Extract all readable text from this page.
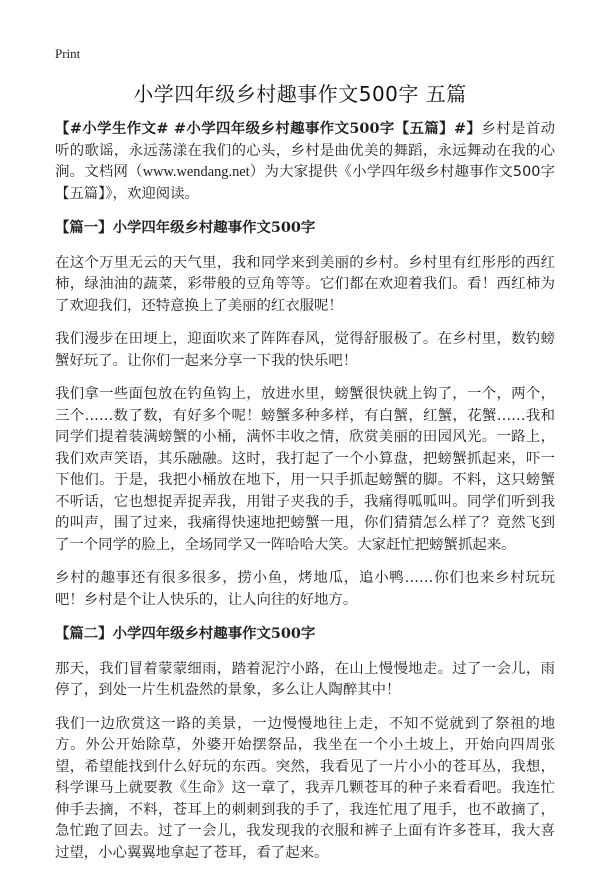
Print
小学四年级乡村趣事作文500字 五篇

【#小学生作文# #小学四年级乡村趣事作文500字【五篇】#】乡村是首动听的歌谣，永远荡漾在我们的心头，乡村是曲优美的舞蹈，永远舞动在我的心涧。文档网（www.wendang.net）为大家提供《小学四年级乡村趣事作文500字【五篇】》，欢迎阅读。

【篇一】小学四年级乡村趣事作文500字

在这个万里无云的天气里，我和同学来到美丽的乡村。乡村里有红彤彤的西红柿，绿油油的蔬菜，彩带般的豆角等等。它们都在欢迎着我们。看！西红柿为了欢迎我们，还特意换上了美丽的红衣服呢！

我们漫步在田埂上，迎面吹来了阵阵春风，觉得舒服极了。在乡村里，数钓螃蟹好玩了。让你们一起来分享一下我的快乐吧！

我们拿一些面包放在钓鱼钩上，放进水里，螃蟹很快就上钩了，一个，两个，三个……数了数，有好多个呢！螃蟹多种多样，有白蟹，红蟹，花蟹……我和同学们提着装满螃蟹的小桶，满怀丰收之情，欣赏美丽的田园风光。一路上，我们欢声笑语，其乐融融。这时，我打起了一个小算盘，把螃蟹抓起来，吓一下他们。于是，我把小桶放在地下，用一只手抓起螃蟹的脚。不料，这只螃蟹不听话，它也想捉弄捉弄我，用钳子夹我的手，我痛得呱呱叫。同学们听到我的叫声，围了过来，我痛得快速地把螃蟹一甩，你们猜猜怎么样了？竟然飞到了一个同学的脸上，全场同学又一阵哈哈大笑。大家赶忙把螃蟹抓起来。

乡村的趣事还有很多很多，捞小鱼，烤地瓜，追小鸭……你们也来乡村玩玩吧！乡村是个让人快乐的，让人向往的好地方。

【篇二】小学四年级乡村趣事作文500字

那天，我们冒着蒙蒙细雨，踏着泥泞小路，在山上慢慢地走。过了一会儿，雨停了，到处一片生机盎然的景象，多么让人陶醉其中！

我们一边欣赏这一路的美景，一边慢慢地往上走，不知不觉就到了祭祖的地方。外公开始除草，外婆开始摆祭品，我坐在一个小土坡上，开始向四周张望，希望能找到什么好玩的东西。突然，我看见了一片小小的苍耳丛，我想，科学课马上就要教《生命》这一章了，我弄几颗苍耳的种子来看看吧。我连忙伸手去摘，不料，苍耳上的刺刺到我的手了，我连忙甩了甩手，也不敢摘了，急忙跑了回去。过了一会儿，我发现我的衣服和裤子上面有许多苍耳，我大喜过望，小心翼翼地拿起了苍耳，看了起来。
